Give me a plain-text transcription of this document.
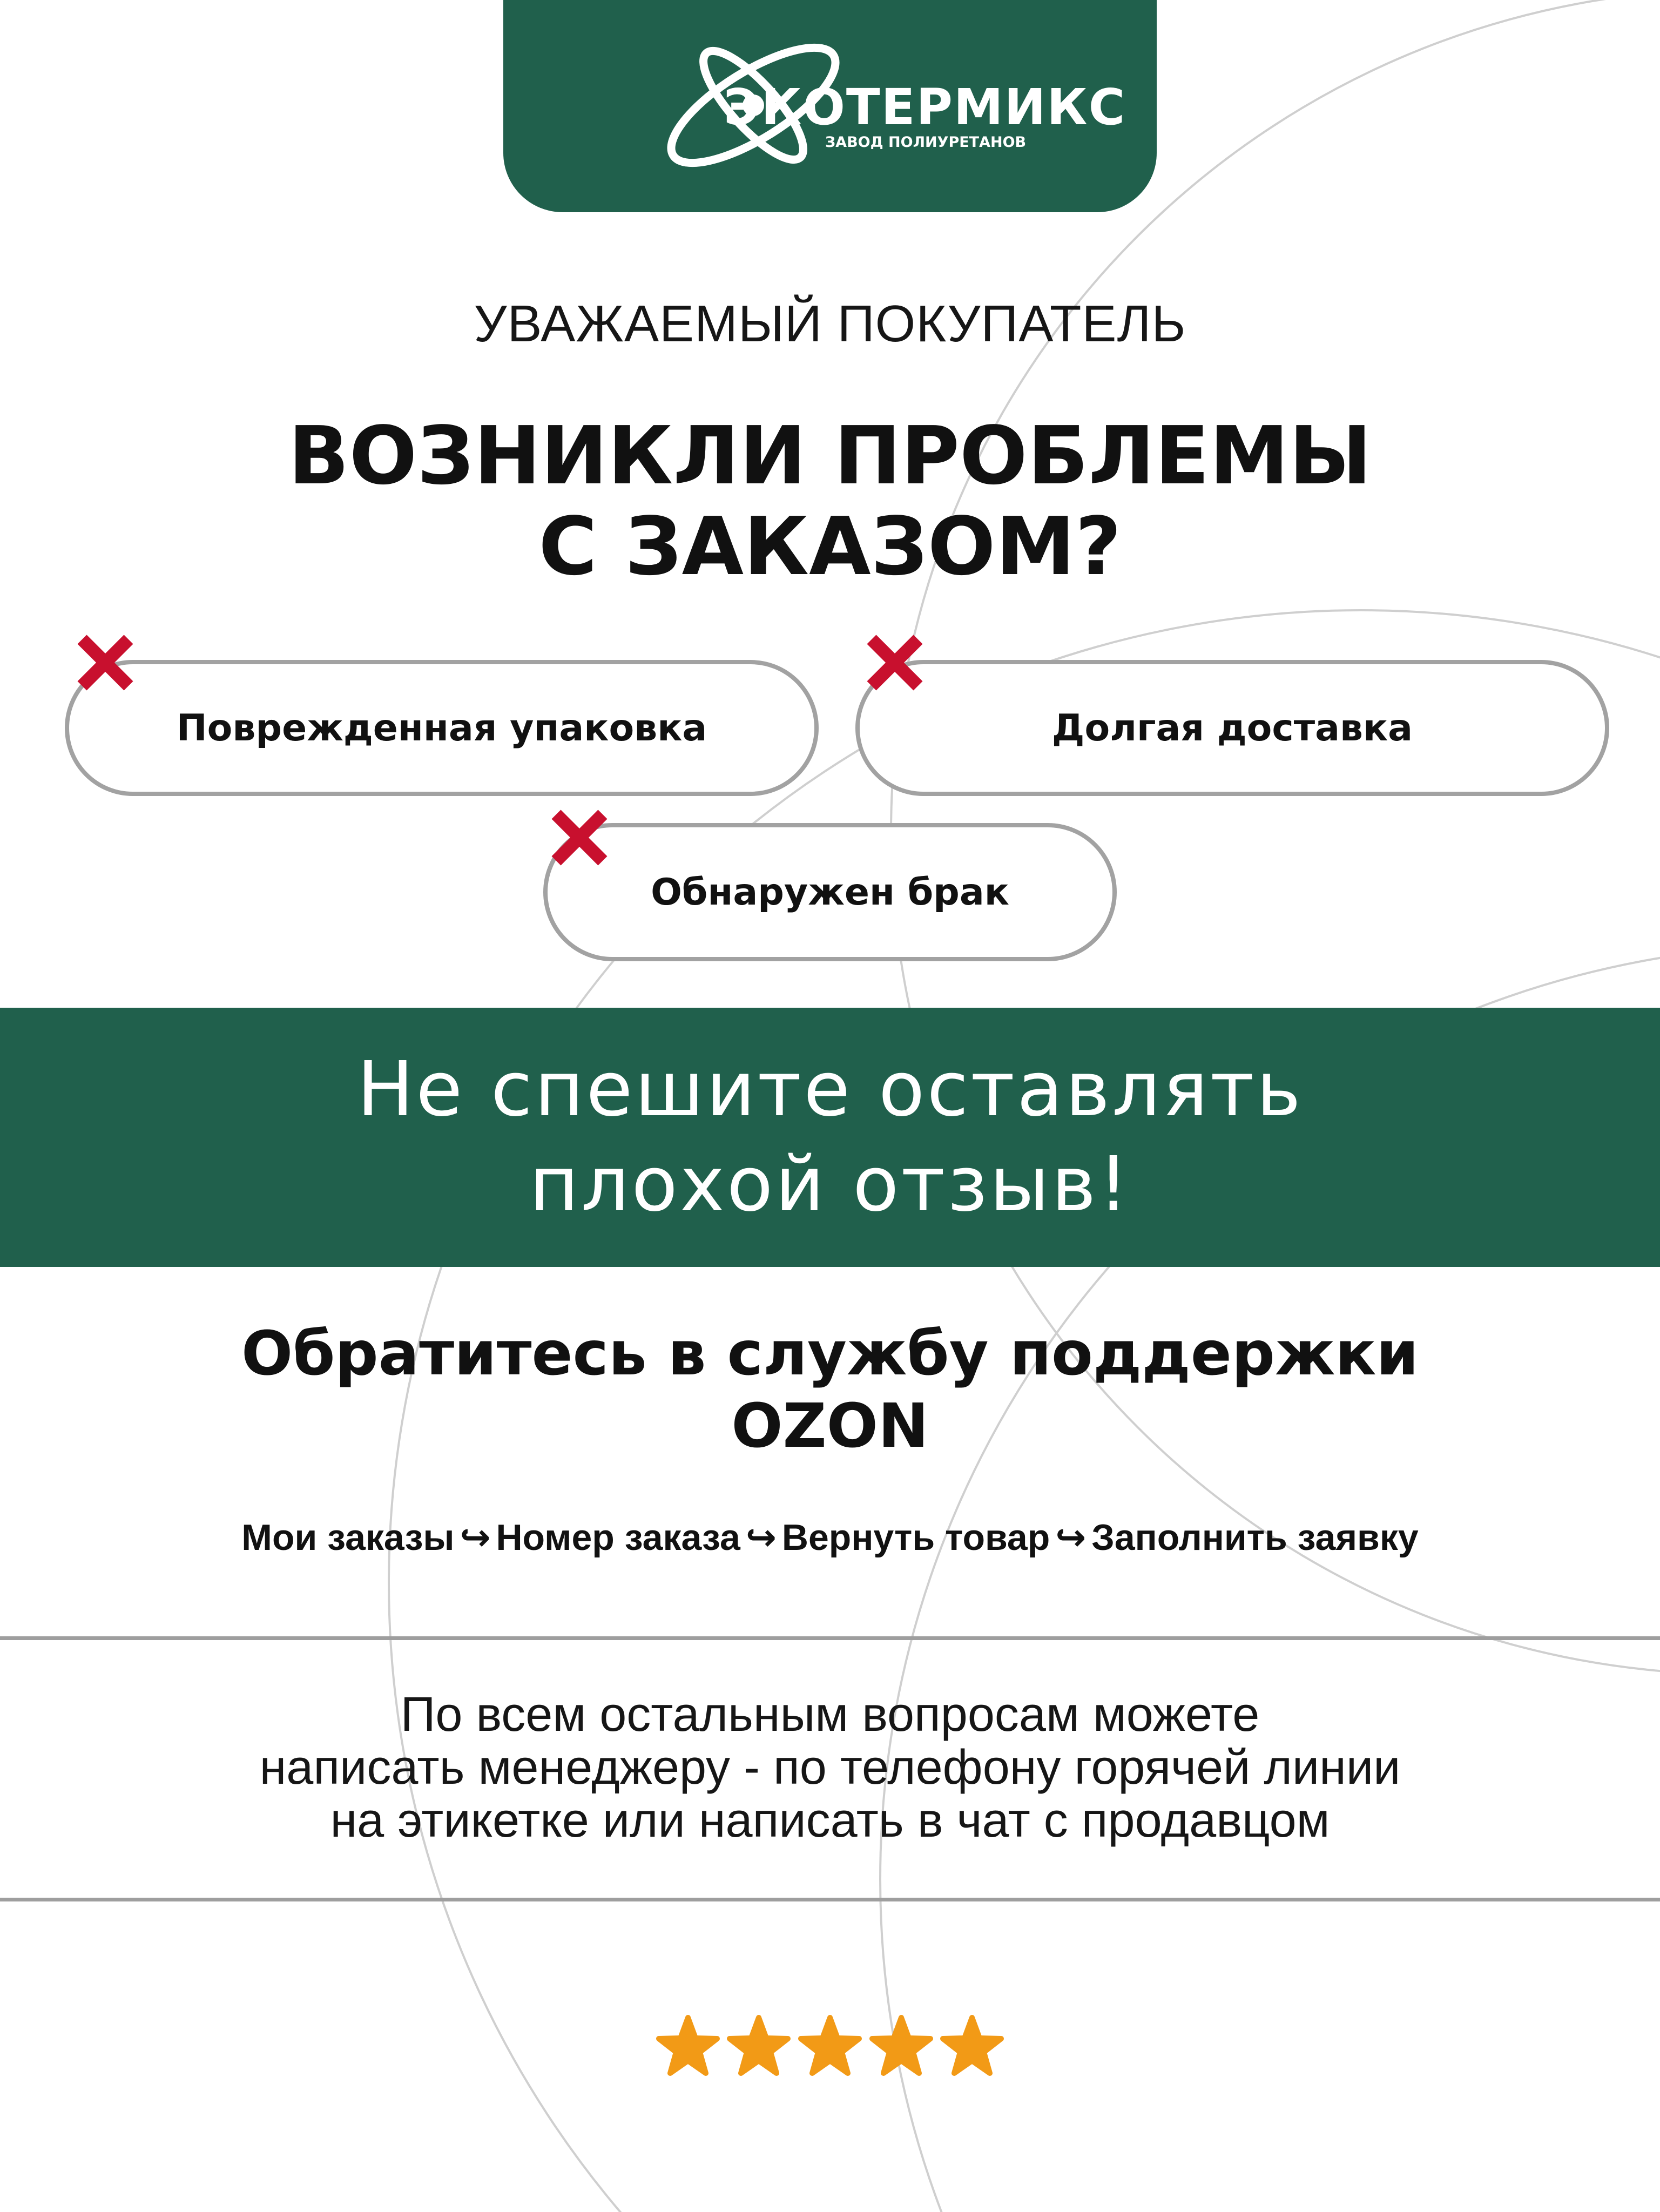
ЭКОТЕРМИКС
ЗАВОД ПОЛИУРЕТАНОВ
УВАЖАЕМЫЙ ПОКУПАТЕЛЬ
ВОЗНИКЛИ ПРОБЛЕМЫ
С ЗАКАЗОМ?
Поврежденная упаковка	Долгая доставка
Обнаружен брак
Не спешите оставлять
плохой отзыв!
Обратитесь в службу поддержки
OZON
Мои заказы ↪ Номер заказа ↪ Вернуть товар ↪ Заполнить заявку
По всем остальным вопросам можете
написать менеджеру - по телефону горячей линии
на этикетке или написать в чат с продавцом
